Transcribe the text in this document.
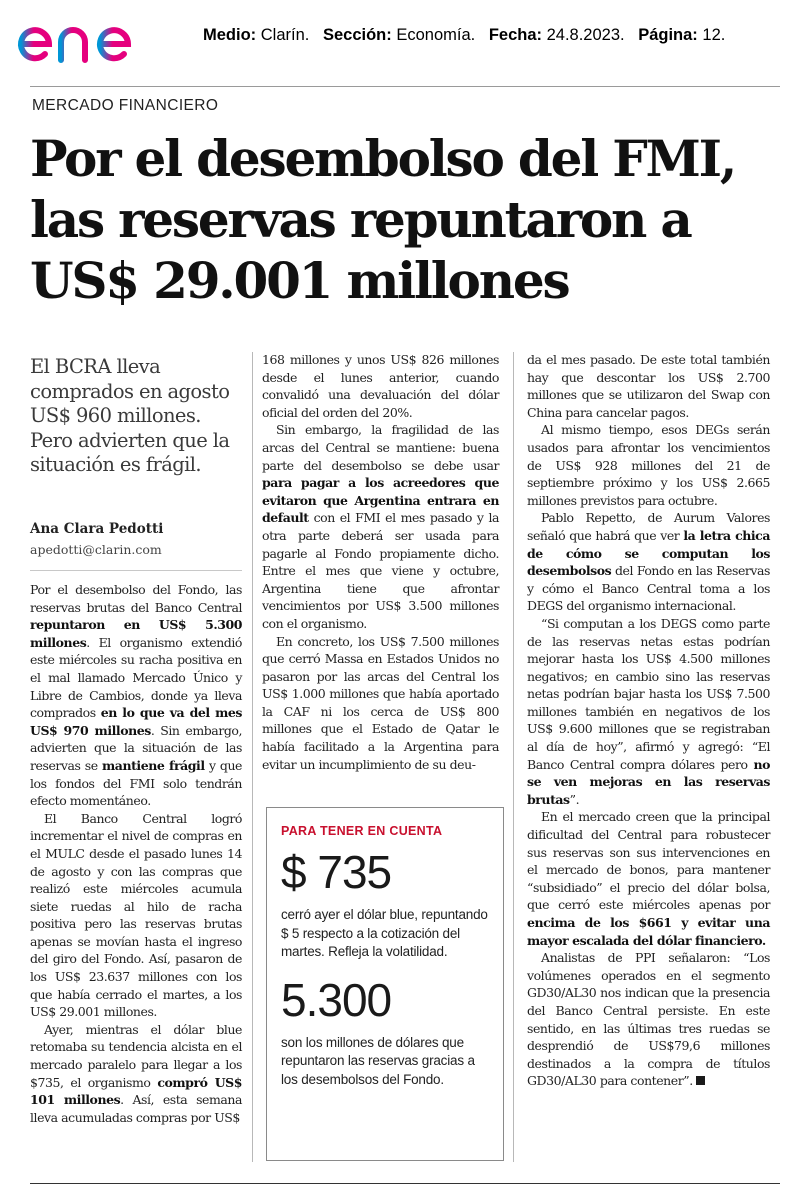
Medio: Clarín. Sección: Economía. Fecha: 24.8.2023. Página: 12.
MERCADO FINANCIERO
Por el desembolso del FMI,
las reservas repuntaron a
US$ 29.001 millones
El BCRA lleva
comprados en agosto
US$ 960 millones.
Pero advierten que la
situación es frágil.
Ana Clara Pedotti
apedotti@clarin.com

Por el desembolso del Fondo, las reservas brutas del Banco Central repuntaron en US$ 5.300 millones. El organismo extendió este miércoles su racha positiva en el mal llamado Mercado Único y Libre de Cambios, donde ya lleva comprados en lo que va del mes US$ 970 millones. Sin embargo, advierten que la situación de las reservas se mantiene frágil y que los fondos del FMI solo tendrán efecto momentáneo.

El Banco Central logró incrementar el nivel de compras en el MULC desde el pasado lunes 14 de agosto y con las compras que realizó este miércoles acumula siete ruedas al hilo de racha positiva pero las reservas brutas apenas se movían hasta el ingreso del giro del Fondo. Así, pasaron de los US$ 23.637 millones con los que había cerrado el martes, a los US$ 29.001 millones.

Ayer, mientras el dólar blue retomaba su tendencia alcista en el mercado paralelo para llegar a los $735, el organismo compró US$ 101 millones. Así, esta semana lleva acumuladas compras por US$

168 millones y unos US$ 826 millones desde el lunes anterior, cuando convalidó una devaluación del dólar oficial del orden del 20%.

Sin embargo, la fragilidad de las arcas del Central se mantiene: buena parte del desembolso se debe usar para pagar a los acreedores que evitaron que Argentina entrara en default con el FMI el mes pasado y la otra parte deberá ser usada para pagarle al Fondo propiamente dicho. Entre el mes que viene y octubre, Argentina tiene que afrontar vencimientos por US$ 3.500 millones con el organismo.

En concreto, los US$ 7.500 millones que cerró Massa en Estados Unidos no pasaron por las arcas del Central los US$ 1.000 millones que había aportado la CAF ni los cerca de US$ 800 millones que el Estado de Qatar le había facilitado a la Argentina para evitar un incumplimiento de su deu-

da el mes pasado. De este total también hay que descontar los US$ 2.700 millones que se utilizaron del Swap con China para cancelar pagos.

Al mismo tiempo, esos DEGs serán usados para afrontar los vencimientos de US$ 928 millones del 21 de septiembre próximo y los US$ 2.665 millones previstos para octubre.

Pablo Repetto, de Aurum Valores señaló que habrá que ver la letra chica de cómo se computan los desembolsos del Fondo en las Reservas y cómo el Banco Central toma a los DEGS del organismo internacional.

“Si computan a los DEGS como parte de las reservas netas estas podrían mejorar hasta los US$ 4.500 millones negativos; en cambio sino las reservas netas podrían bajar hasta los US$ 7.500 millones también en negativos de los US$ 9.600 millones que se registraban al día de hoy”, afirmó y agregó: “El Banco Central compra dólares pero no se ven mejoras en las reservas brutas”.

En el mercado creen que la principal dificultad del Central para robustecer sus reservas son sus intervenciones en el mercado de bonos, para mantener “subsidiado” el precio del dólar bolsa, que cerró este miércoles apenas por encima de los $661 y evitar una mayor escalada del dólar financiero.

Analistas de PPI señalaron: “Los volúmenes operados en el segmento GD30/AL30 nos indican que la presencia del Banco Central persiste. En este sentido, en las últimas tres ruedas se desprendió de US$79,6 millones destinados a la compra de títulos GD30/AL30 para contener”.

PARA TENER EN CUENTA
$ 735
cerró ayer el dólar blue, repuntando $ 5 respecto a la cotización del martes. Refleja la volatilidad.
5.300
son los millones de dólares que repuntaron las reservas gracias a los desembolsos del Fondo.
